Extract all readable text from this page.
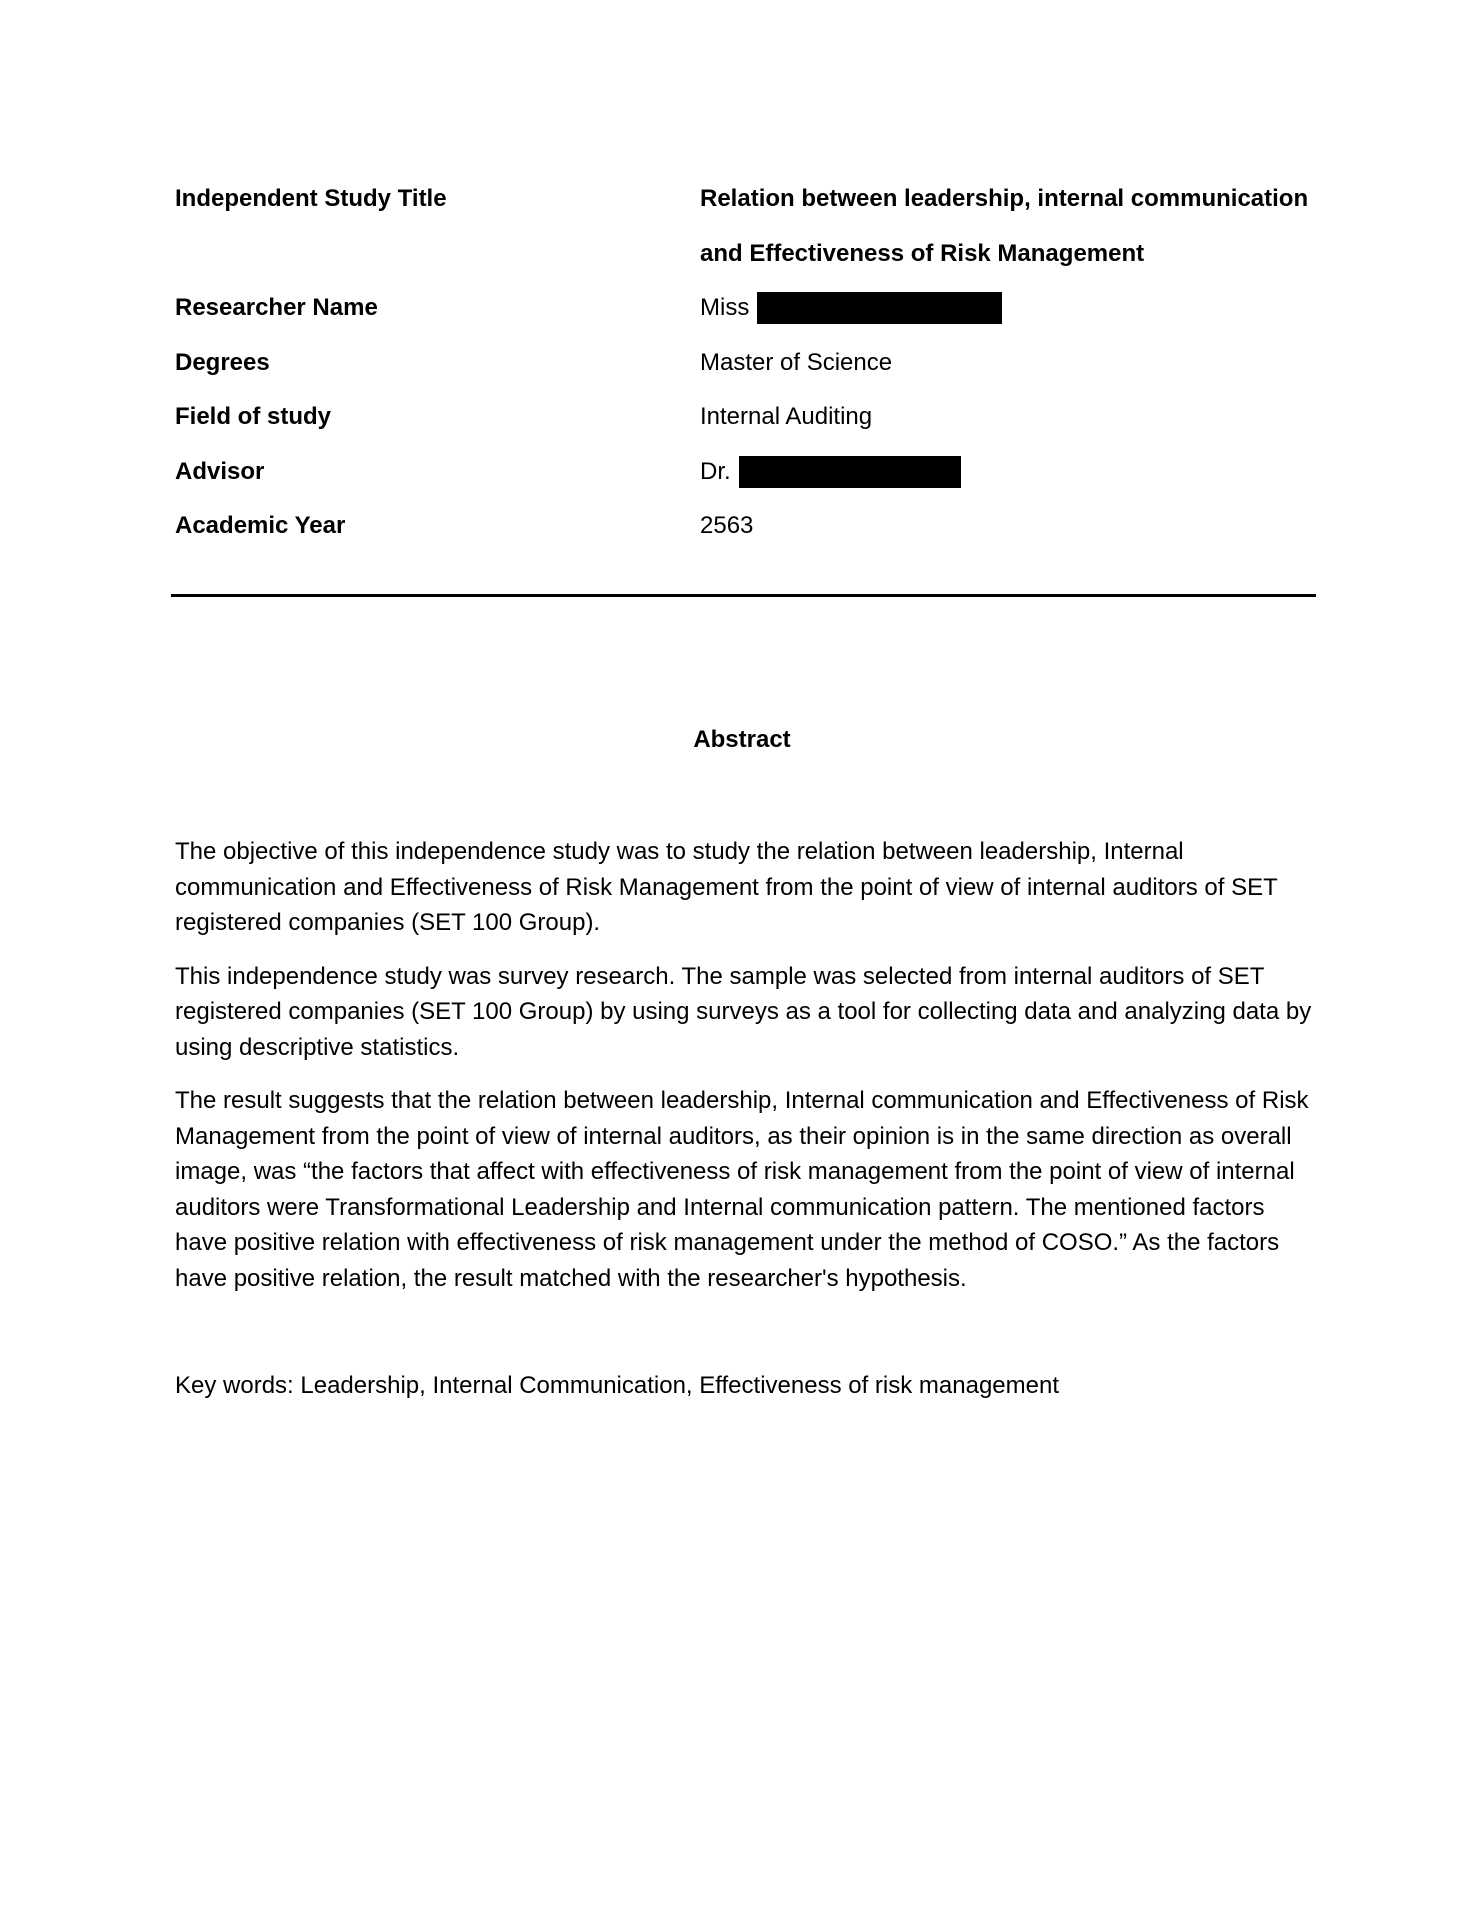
Independent Study Title	Relation between leadership, internal communication
and Effectiveness of Risk Management
Researcher Name	Miss
Degrees	Master of Science
Field of study	Internal Auditing
Advisor	Dr.
Academic Year	2563
Abstract

The objective of this independence study was to study the relation between leadership, Internal communication and Effectiveness of Risk Management from the point of view of internal auditors of SET registered companies (SET 100 Group).

This independence study was survey research. The sample was selected from internal auditors of SET registered companies (SET 100 Group) by using surveys as a tool for collecting data and analyzing data by using descriptive statistics.

The result suggests that the relation between leadership, Internal communication and Effectiveness of Risk Management from the point of view of internal auditors, as their opinion is in the same direction as overall image, was “the factors that affect with effectiveness of risk management from the point of view of internal auditors were Transformational Leadership and Internal communication pattern. The mentioned factors have positive relation with effectiveness of risk management under the method of COSO.” As the factors have positive relation, the result matched with the researcher's hypothesis.

Key words: Leadership, Internal Communication, Effectiveness of risk management
